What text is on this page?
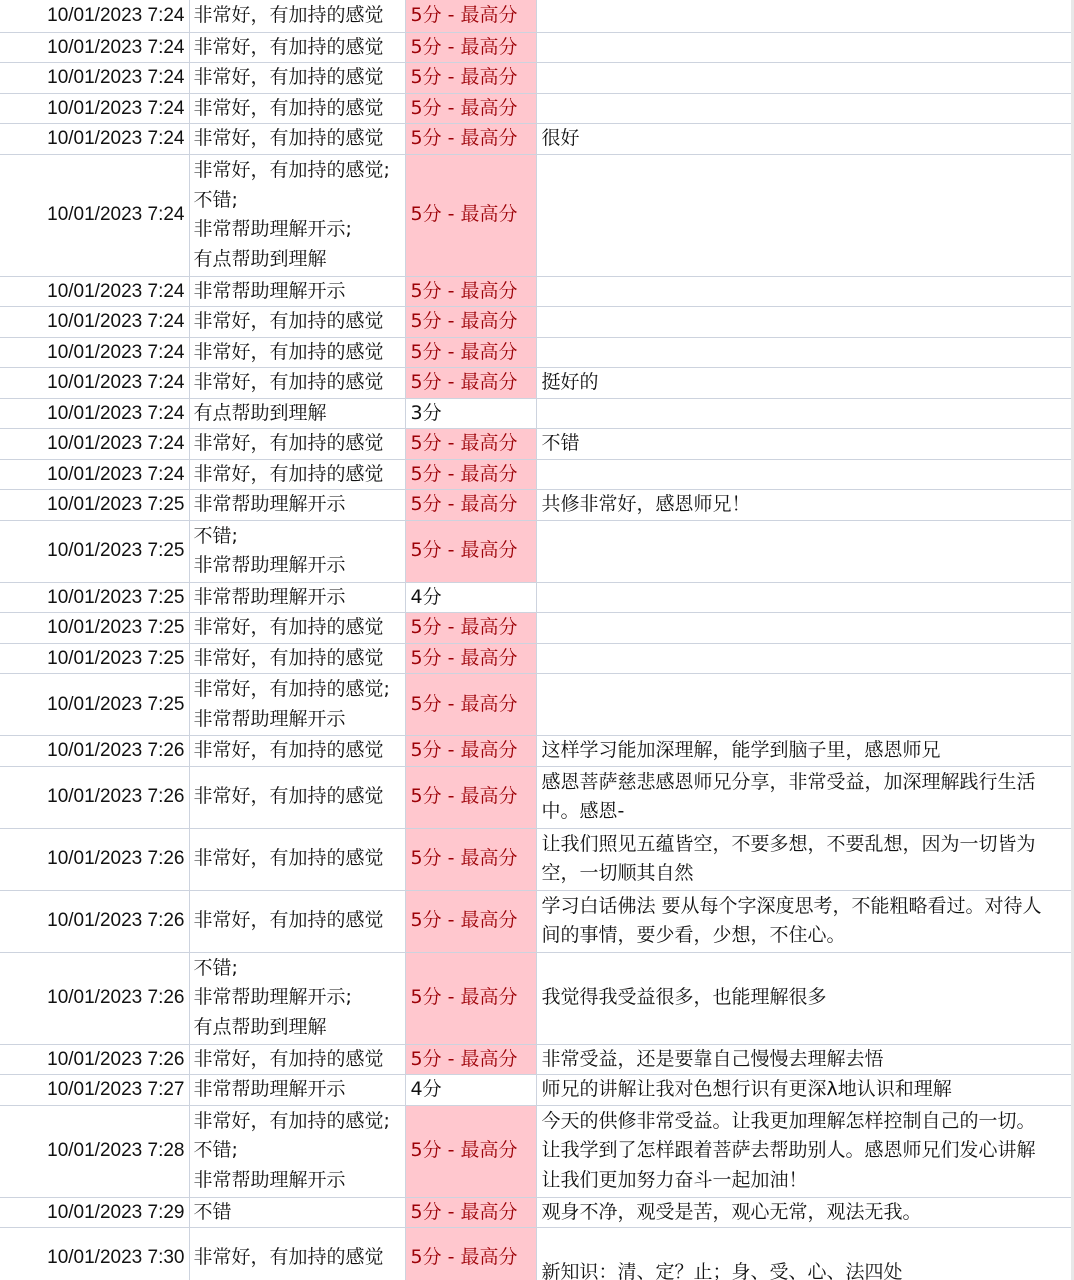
10/01/2023 7:24	非常好，有加持的感觉	5分 - 最高分	
10/01/2023 7:24	非常好，有加持的感觉	5分 - 最高分	
10/01/2023 7:24	非常好，有加持的感觉	5分 - 最高分	
10/01/2023 7:24	非常好，有加持的感觉	5分 - 最高分	
10/01/2023 7:24	非常好，有加持的感觉	5分 - 最高分	很好

10/01/2023 7:24	非常好，有加持的感觉;
不错;
非常帮助理解开示;
有点帮助到理解	5分 - 最高分	
10/01/2023 7:24	非常帮助理解开示	5分 - 最高分	
10/01/2023 7:24	非常好，有加持的感觉	5分 - 最高分	
10/01/2023 7:24	非常好，有加持的感觉	5分 - 最高分	
10/01/2023 7:24	非常好，有加持的感觉	5分 - 最高分	挺好的

10/01/2023 7:24	有点帮助到理解	3分	
10/01/2023 7:24	非常好，有加持的感觉	5分 - 最高分	不错

10/01/2023 7:24	非常好，有加持的感觉	5分 - 最高分	
10/01/2023 7:25	非常帮助理解开示	5分 - 最高分	共修非常好，感恩师兄！

10/01/2023 7:25	不错;
非常帮助理解开示	5分 - 最高分	
10/01/2023 7:25	非常帮助理解开示	4分	
10/01/2023 7:25	非常好，有加持的感觉	5分 - 最高分	
10/01/2023 7:25	非常好，有加持的感觉	5分 - 最高分	
10/01/2023 7:25	非常好，有加持的感觉;
非常帮助理解开示	5分 - 最高分	
10/01/2023 7:26	非常好，有加持的感觉	5分 - 最高分	这样学习能加深理解，能学到脑子里，感恩师兄

10/01/2023 7:26	非常好，有加持的感觉	5分 - 最高分	感恩菩萨慈悲感恩师兄分享，非常受益，加深理解践行生活
中。感恩-

10/01/2023 7:26	非常好，有加持的感觉	5分 - 最高分	让我们照见五蕴皆空，不要多想，不要乱想，因为一切皆为
空，一切顺其自然

10/01/2023 7:26	非常好，有加持的感觉	5分 - 最高分	学习白话佛法 要从每个字深度思考，不能粗略看过。对待人
间的事情，要少看，少想，不住心。

10/01/2023 7:26	不错;
非常帮助理解开示;
有点帮助到理解	5分 - 最高分	我觉得我受益很多，也能理解很多

10/01/2023 7:26	非常好，有加持的感觉	5分 - 最高分	非常受益，还是要靠自己慢慢去理解去悟

10/01/2023 7:27	非常帮助理解开示	4分	师兄的讲解让我对色想行识有更深λ地认识和理解

10/01/2023 7:28	非常好，有加持的感觉;
不错;
非常帮助理解开示	5分 - 最高分	今天的供修非常受益。让我更加理解怎样控制自己的一切。
让我学到了怎样跟着菩萨去帮助别人。感恩师兄们发心讲解
让我们更加努力奋斗一起加油！

10/01/2023 7:29	不错	5分 - 最高分	观身不净，观受是苦，观心无常，观法无我。

10/01/2023 7:30	非常好，有加持的感觉	5分 - 最高分	新知识：清、定？止；身、受、心、法四处
